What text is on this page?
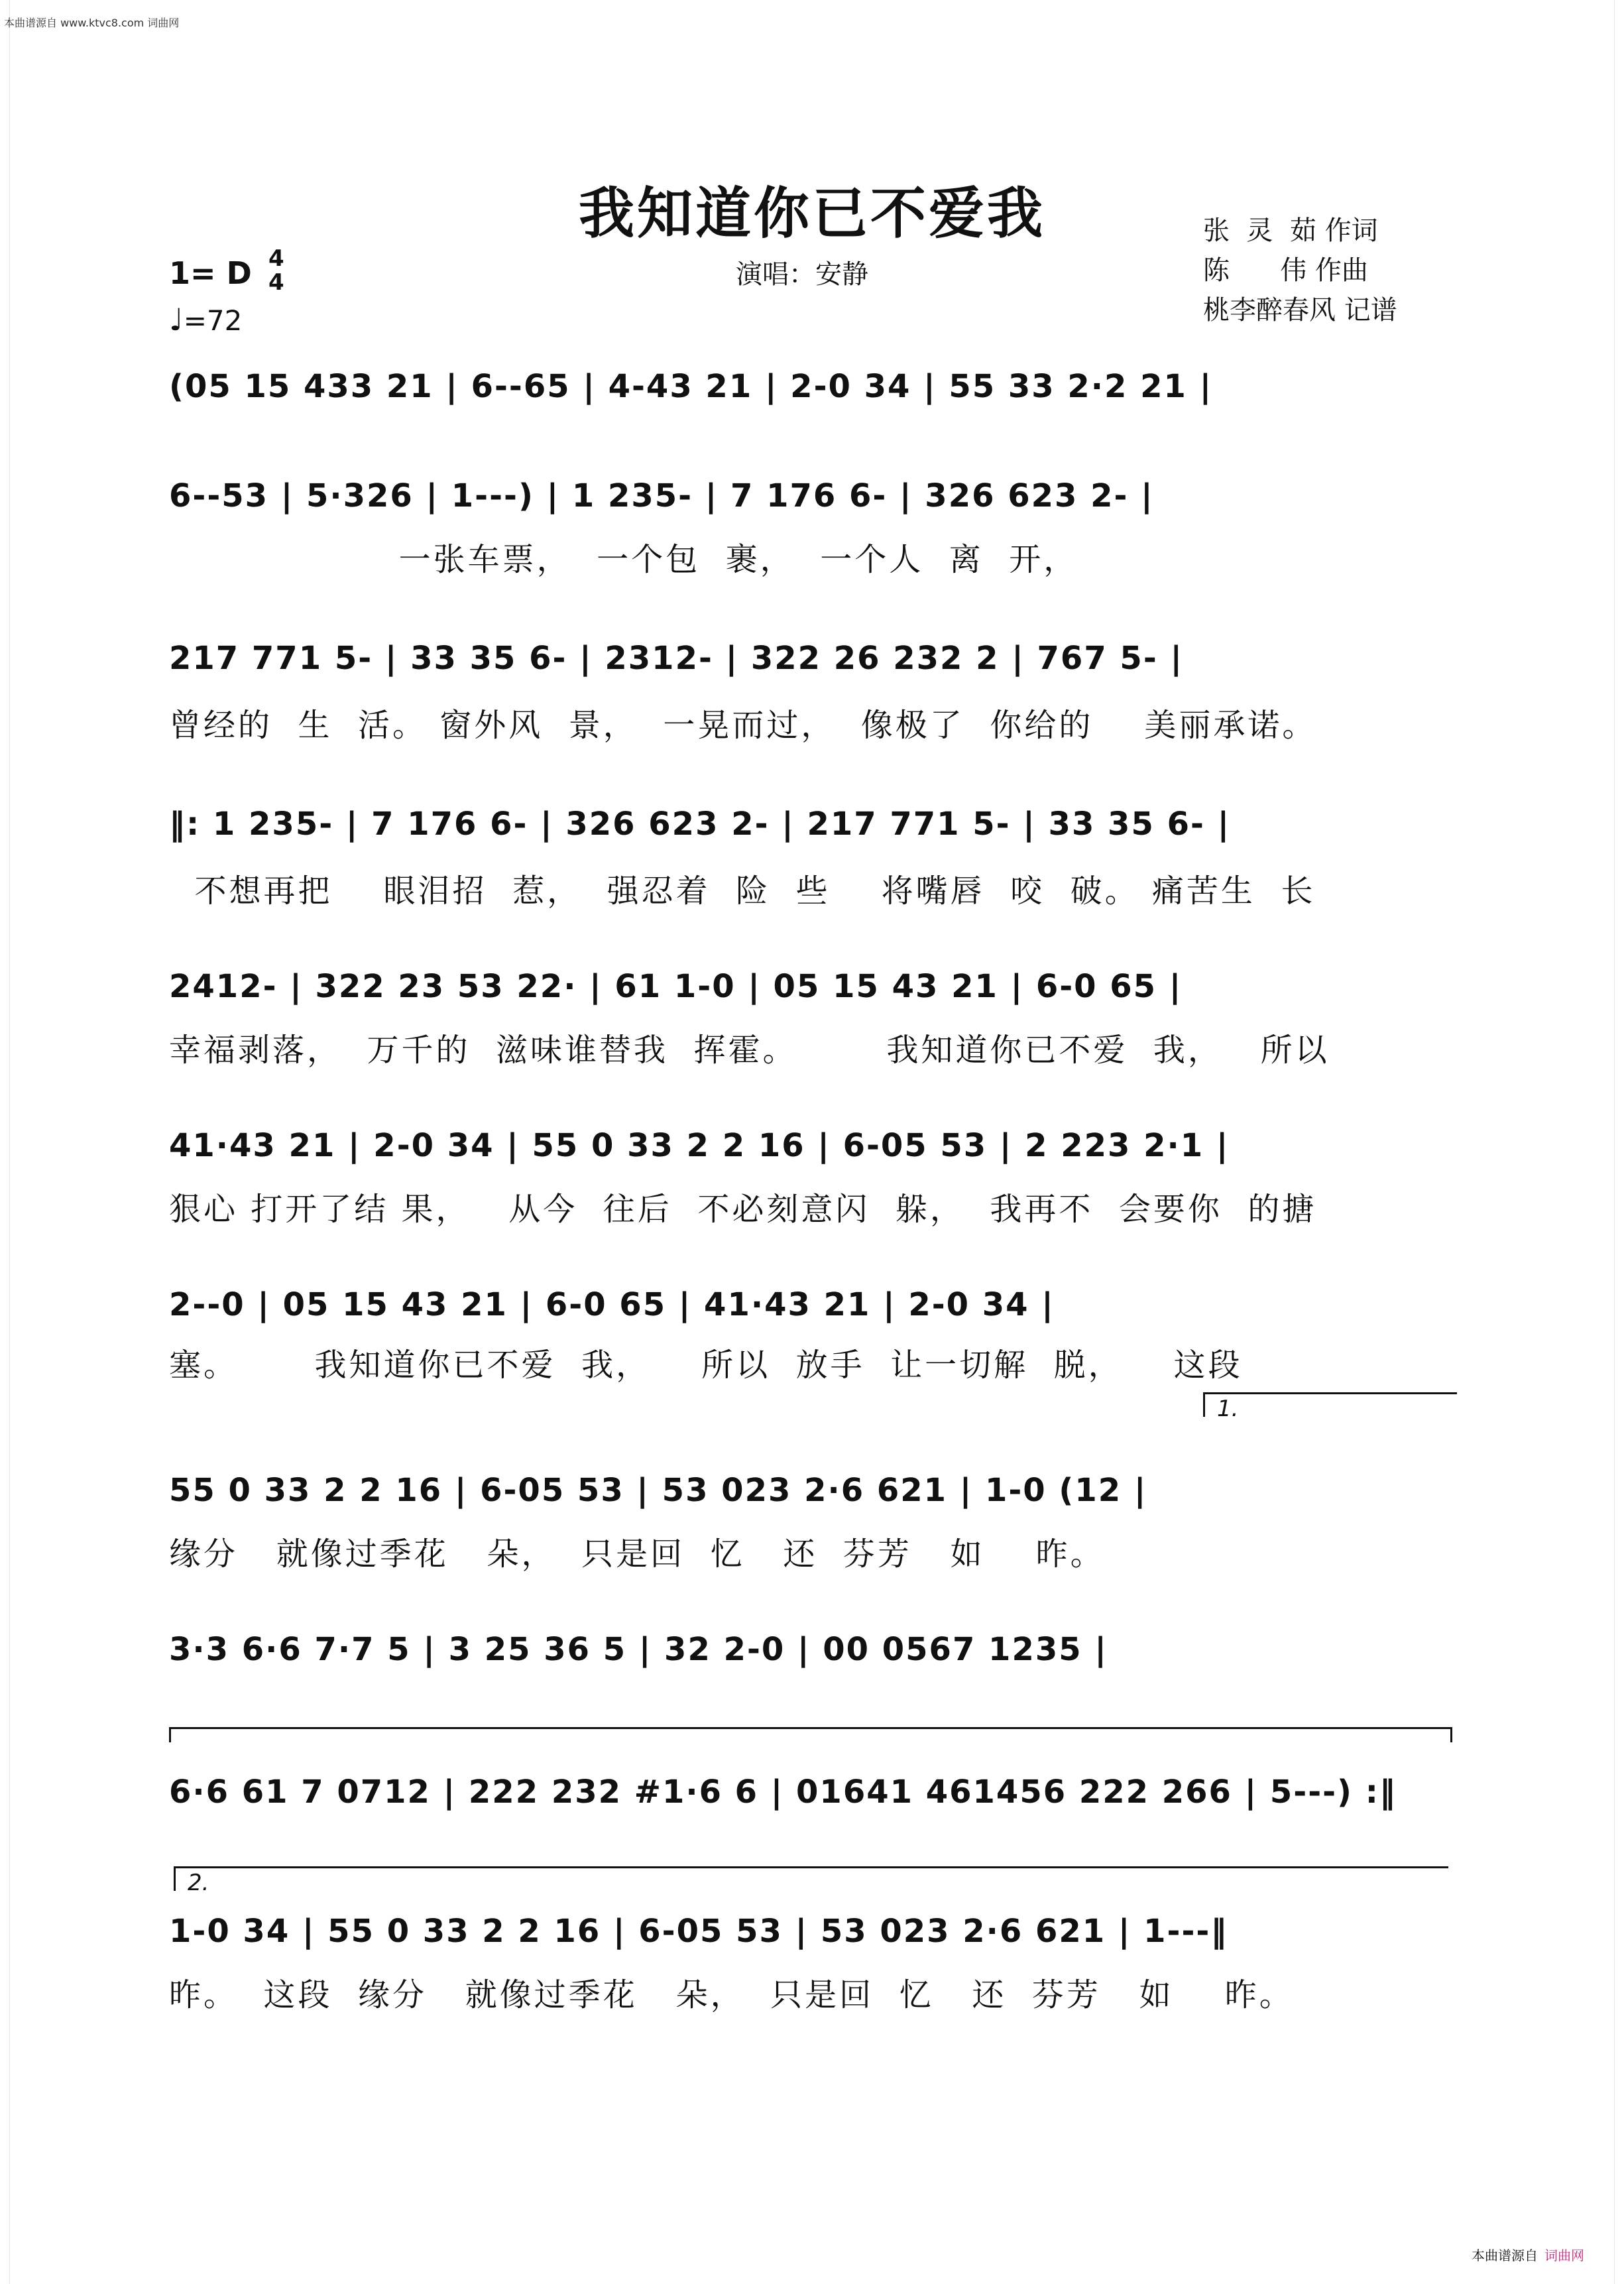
本曲谱源自 www.ktvc8.com 词曲网
我知道你已不爱我	张  灵  茹 作词
陈      伟 作曲
桃李醉春风 记谱
演唱：安静
1= D 4
4
♩=72
(05 15 433 21 | 6--65 | 4-43 21 | 2-0 34 | 55 33 2·2 21 |
6--53 | 5·326 | 1---) | 1 235- | 7 176 6- | 326 623 2- |
一张车票，  一个包  裹，  一个人  离  开，
217 771 5- | 33 35 6- | 2312- | 322 26 232 2 | 767 5- |
曾经的  生  活。 窗外风  景，  一晃而过，  像极了  你给的    美丽承诺。
‖: 1 235- | 7 176 6- | 326 623 2- | 217 771 5- | 33 35 6- |
不想再把    眼泪招  惹，  强忍着  险  些    将嘴唇  咬  破。 痛苦生  长
2412- | 322 23 53 22· | 61 1-0 | 05 15 43 21 | 6-0 65 |
幸福剥落，  万千的  滋味谁替我  挥霍。       我知道你已不爱  我，   所以
41·43 21 | 2-0 34 | 55 0 33 2 2 16 | 6-05 53 | 2 223 2·1 |
狠心 打开了结 果，   从今  往后  不必刻意闪  躲，  我再不  会要你  的搪
2--0 | 05 15 43 21 | 6-0 65 | 41·43 21 | 2-0 34 |
塞。      我知道你已不爱  我，    所以  放手  让一切解  脱，    这段
1.
55 0 33 2 2 16 | 6-05 53 | 53 023 2·6 621 | 1-0 (12 |
缘分   就像过季花   朵，  只是回  忆   还  芬芳   如    昨。
3·3 6·6 7·7 5 | 3 25 36 5 | 32 2-0 | 00 0567 1235 |
6·6 61 7 0712 | 222 232 #1·6 6 | 01641 461456 222 266 | 5---) :‖
2.
1-0 34 | 55 0 33 2 2 16 | 6-05 53 | 53 023 2·6 621 | 1---‖
昨。  这段  缘分   就像过季花   朵，  只是回  忆   还  芬芳   如    昨。
本曲谱源自 词曲网
